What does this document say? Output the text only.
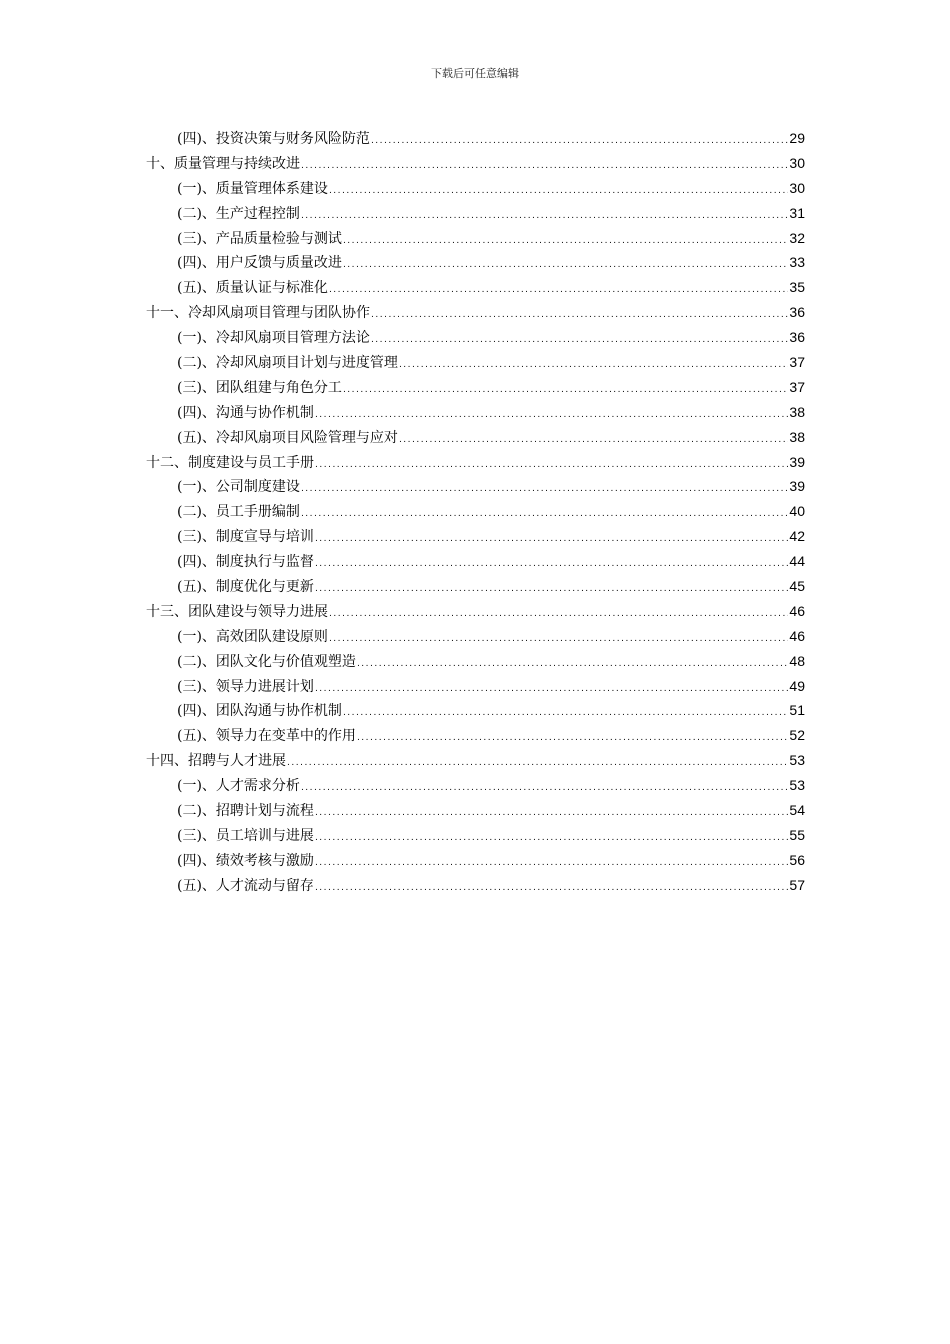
下载后可任意编辑
(四)、投资决策与财务风险防范 .....	29
十、质量管理与持续改进 .....	30
(一)、质量管理体系建设 .....	30
(二)、生产过程控制 .....	31
(三)、产品质量检验与测试 .....	32
(四)、用户反馈与质量改进 .....	33
(五)、质量认证与标准化 .....	35
十一、冷却风扇项目管理与团队协作 .....	36
(一)、冷却风扇项目管理方法论 .....	36
(二)、冷却风扇项目计划与进度管理 .....	37
(三)、团队组建与角色分工 .....	37
(四)、沟通与协作机制 .....	38
(五)、冷却风扇项目风险管理与应对 .....	38
十二、制度建设与员工手册 .....	39
(一)、公司制度建设 .....	39
(二)、员工手册编制 .....	40
(三)、制度宣导与培训 .....	42
(四)、制度执行与监督 .....	44
(五)、制度优化与更新 .....	45
十三、团队建设与领导力进展 .....	46
(一)、高效团队建设原则 .....	46
(二)、团队文化与价值观塑造 .....	48
(三)、领导力进展计划 .....	49
(四)、团队沟通与协作机制 .....	51
(五)、领导力在变革中的作用 .....	52
十四、招聘与人才进展 .....	53
(一)、人才需求分析 .....	53
(二)、招聘计划与流程 .....	54
(三)、员工培训与进展 .....	55
(四)、绩效考核与激励 .....	56
(五)、人才流动与留存 .....	57
